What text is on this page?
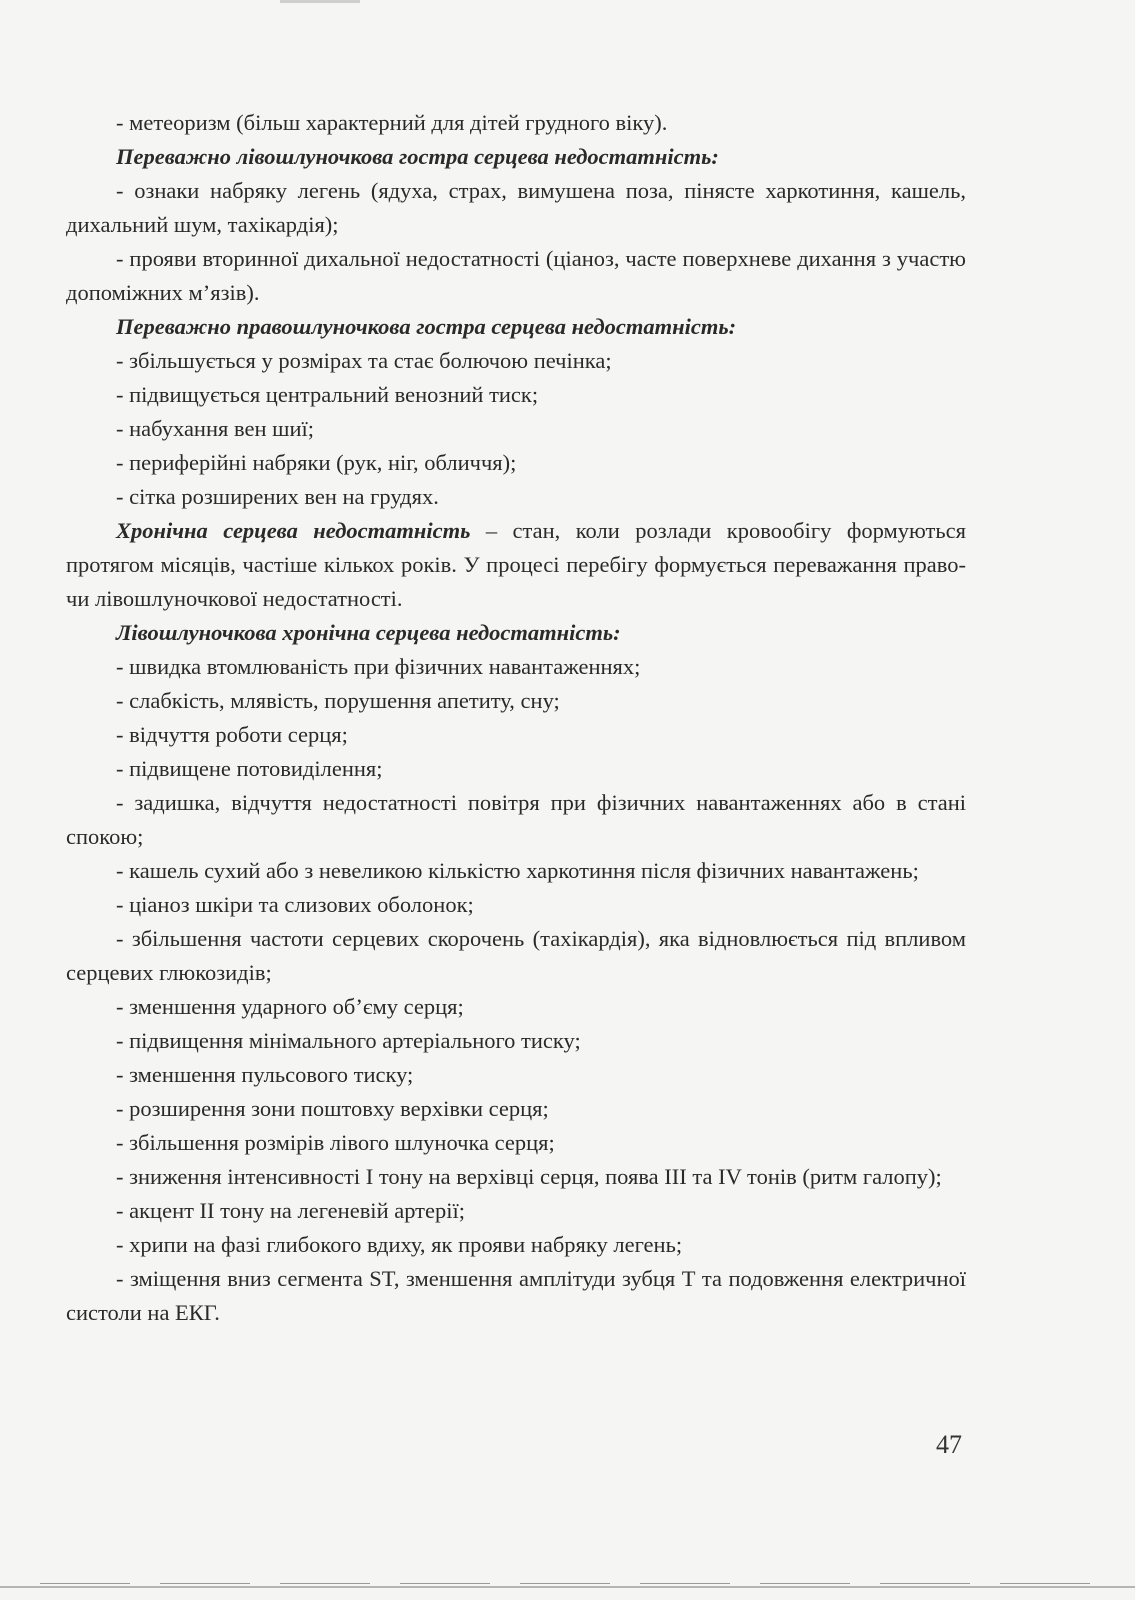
- метеоризм (більш характерний для дітей грудного віку).

Переважно лівошлуночкова гостра серцева недостатність:

- ознаки набряку легень (ядуха, страх, вимушена поза, пінясте харкотиння, кашель, дихальний шум, тахікардія);

- прояви вторинної дихальної недостатності (ціаноз, часте поверхневе дихання з участю допоміжних м’язів).

Переважно правошлуночкова гостра серцева недостатність:

- збільшується у розмірах та стає болючою печінка;

- підвищується центральний венозний тиск;

- набухання вен шиї;

- периферійні набряки (рук, ніг, обличчя);

- сітка розширених вен на грудях.

Хронічна серцева недостатність – стан, коли розлади кровообігу формуються протягом місяців, частіше кількох років. У процесі перебігу формується переважання право- чи лівошлуночкової недостатності.

Лівошлуночкова хронічна серцева недостатність:

- швидка втомлюваність при фізичних навантаженнях;

- слабкість, млявість, порушення апетиту, сну;

- відчуття роботи серця;

- підвищене потовиділення;

- задишка, відчуття недостатності повітря при фізичних навантаженнях або в стані спокою;

- кашель сухий або з невеликою кількістю харкотиння після фізичних навантажень;

- ціаноз шкіри та слизових оболонок;

- збільшення частоти серцевих скорочень (тахікардія), яка відновлюється під впливом серцевих глюкозидів;

- зменшення ударного об’єму серця;

- підвищення мінімального артеріального тиску;

- зменшення пульсового тиску;

- розширення зони поштовху верхівки серця;

- збільшення розмірів лівого шлуночка серця;

- зниження інтенсивності І тону на верхівці серця, поява ІІІ та IV тонів (ритм галопу);

- акцент ІІ тону на легеневій артерії;

- хрипи на фазі глибокого вдиху, як прояви набряку легень;

- зміщення вниз сегмента ST, зменшення амплітуди зубця Т та подовження електричної систоли на ЕКГ.

47
